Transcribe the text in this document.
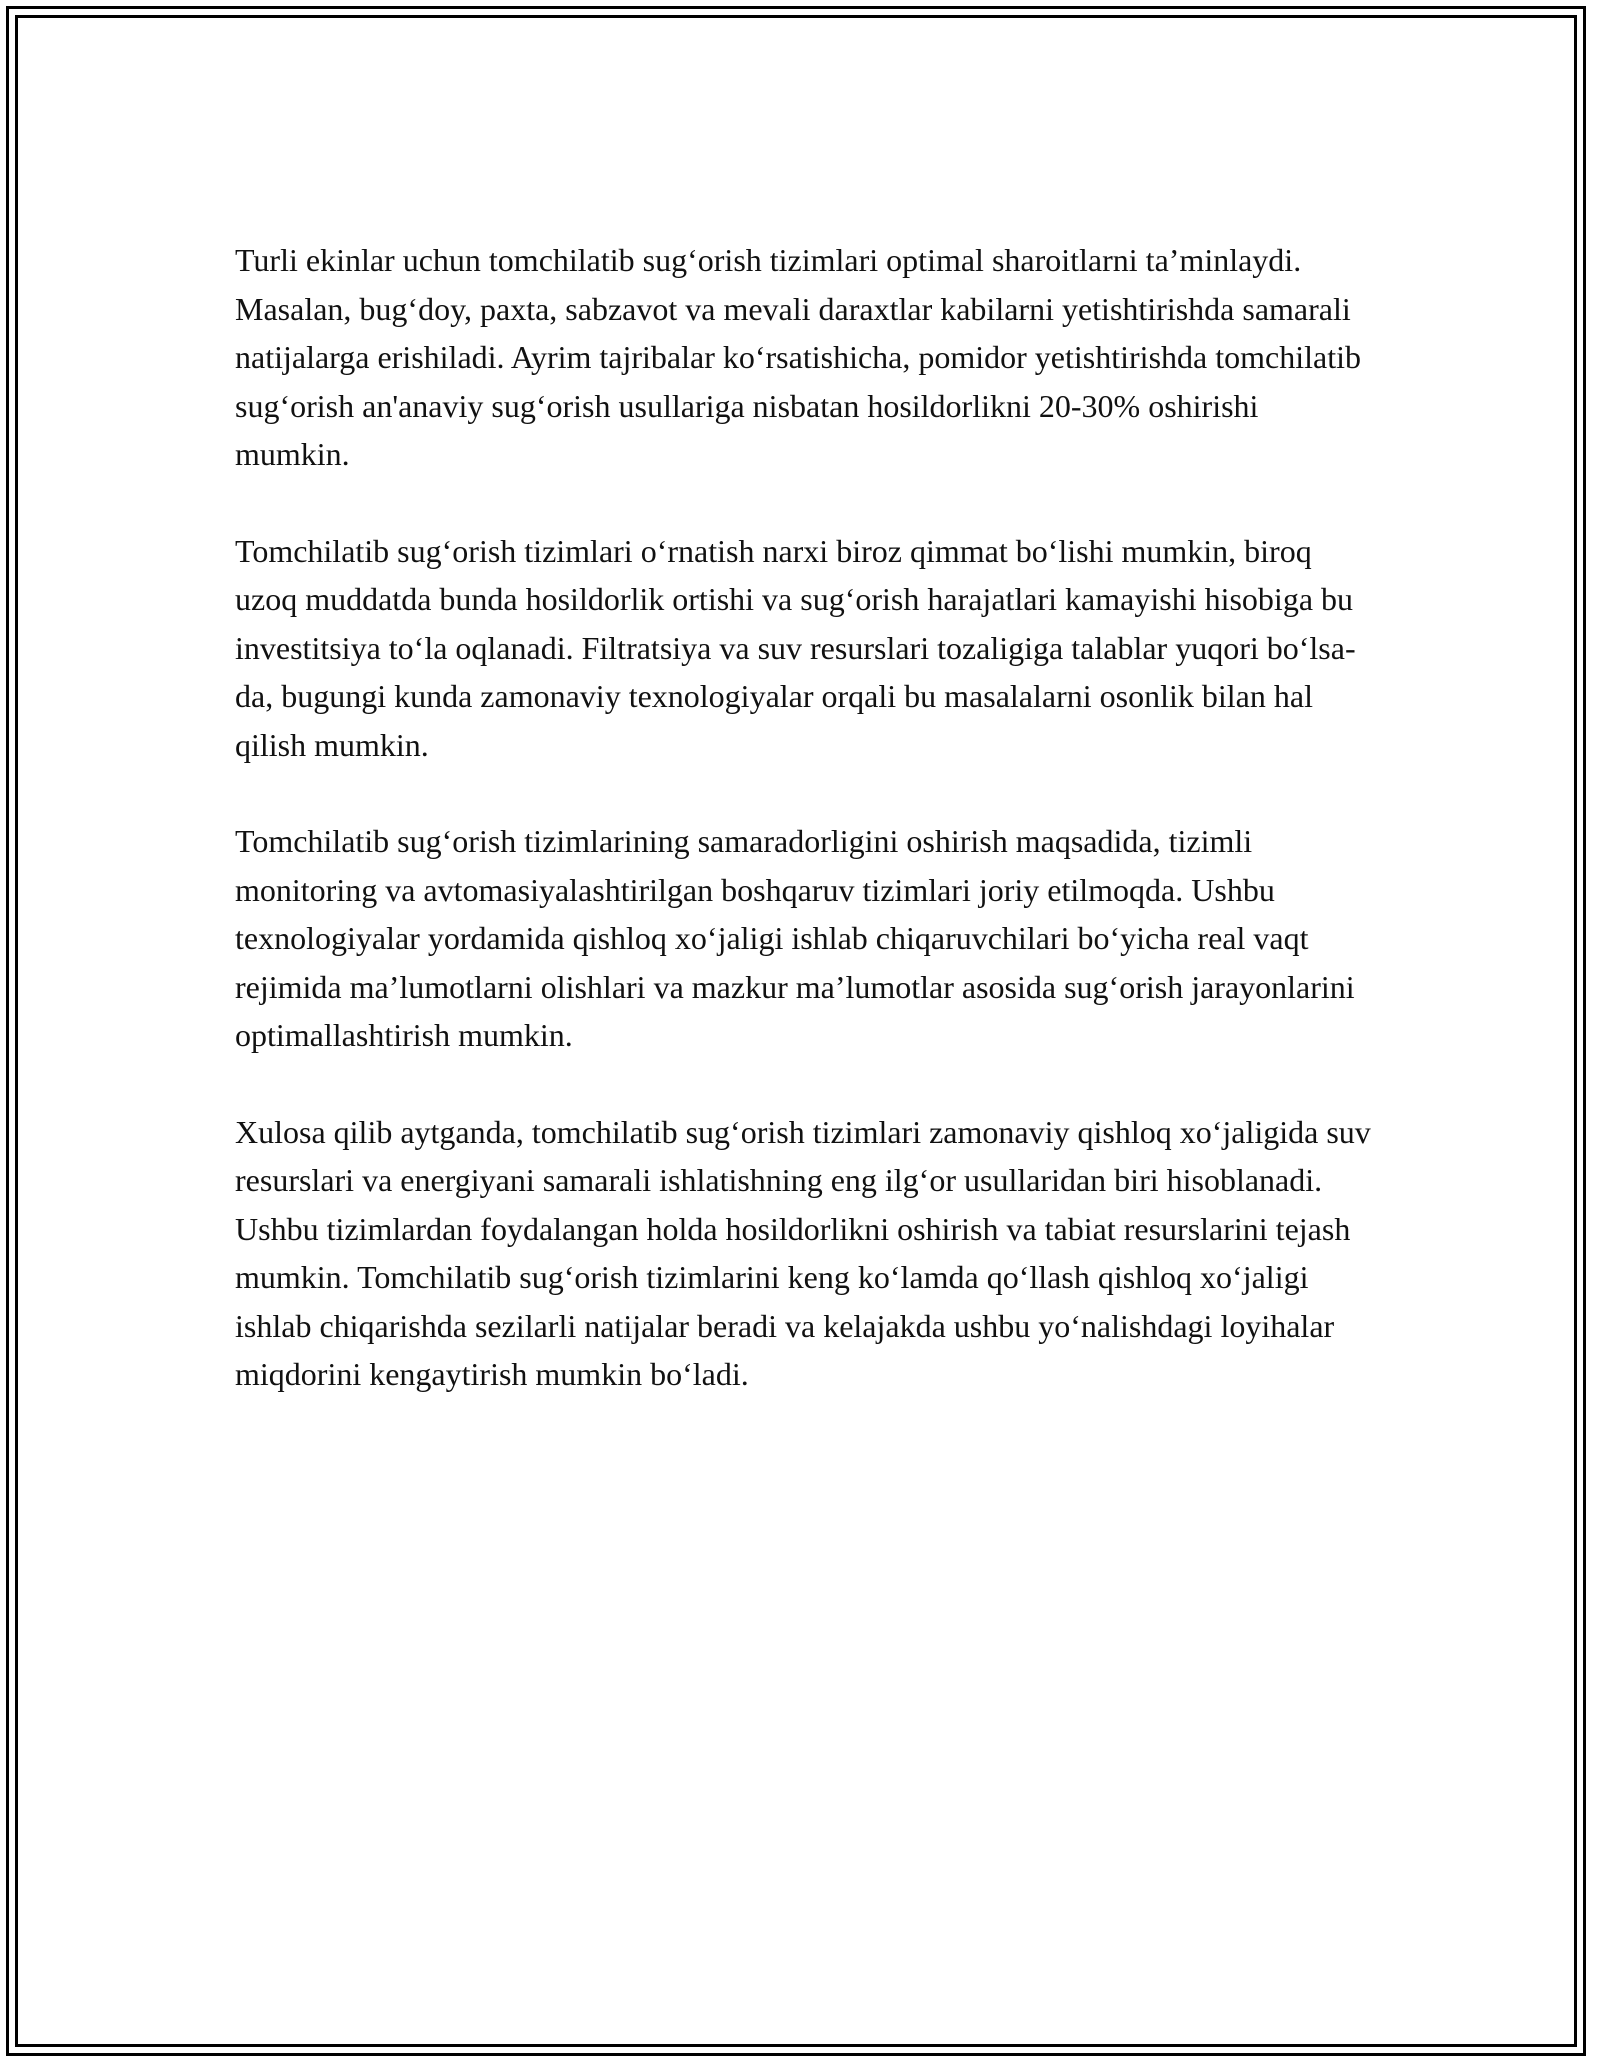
Turli ekinlar uchun tomchilatib sug‘orish tizimlari optimal sharoitlarni ta’minlaydi. Masalan, bug‘doy, paxta, sabzavot va mevali daraxtlar kabilarni yetishtirishda samarali natijalarga erishiladi. Ayrim tajribalar ko‘rsatishicha, pomidor yetishtirishda tomchilatib sug‘orish an'anaviy sug‘orish usullariga nisbatan hosildorlikni 20-30% oshirishi mumkin.

Tomchilatib sug‘orish tizimlari o‘rnatish narxi biroz qimmat bo‘lishi mumkin, biroq uzoq muddatda bunda hosildorlik ortishi va sug‘orish harajatlari kamayishi hisobiga bu investitsiya to‘la oqlanadi. Filtratsiya va suv resurslari tozaligiga talablar yuqori bo‘lsa-da, bugungi kunda zamonaviy texnologiyalar orqali bu masalalarni osonlik bilan hal qilish mumkin.

Tomchilatib sug‘orish tizimlarining samaradorligini oshirish maqsadida, tizimli monitoring va avtomasiyalashtirilgan boshqaruv tizimlari joriy etilmoqda. Ushbu texnologiyalar yordamida qishloq xo‘jaligi ishlab chiqaruvchilari bo‘yicha real vaqt rejimida ma’lumotlarni olishlari va mazkur ma’lumotlar asosida sug‘orish jarayonlarini optimallashtirish mumkin.

Xulosa qilib aytganda, tomchilatib sug‘orish tizimlari zamonaviy qishloq xo‘jaligida suv resurslari va energiyani samarali ishlatishning eng ilg‘or usullaridan biri hisoblanadi. Ushbu tizimlardan foydalangan holda hosildorlikni oshirish va tabiat resurslarini tejash mumkin. Tomchilatib sug‘orish tizimlarini keng ko‘lamda qo‘llash qishloq xo‘jaligi ishlab chiqarishda sezilarli natijalar beradi va kelajakda ushbu yo‘nalishdagi loyihalar miqdorini kengaytirish mumkin bo‘ladi.
